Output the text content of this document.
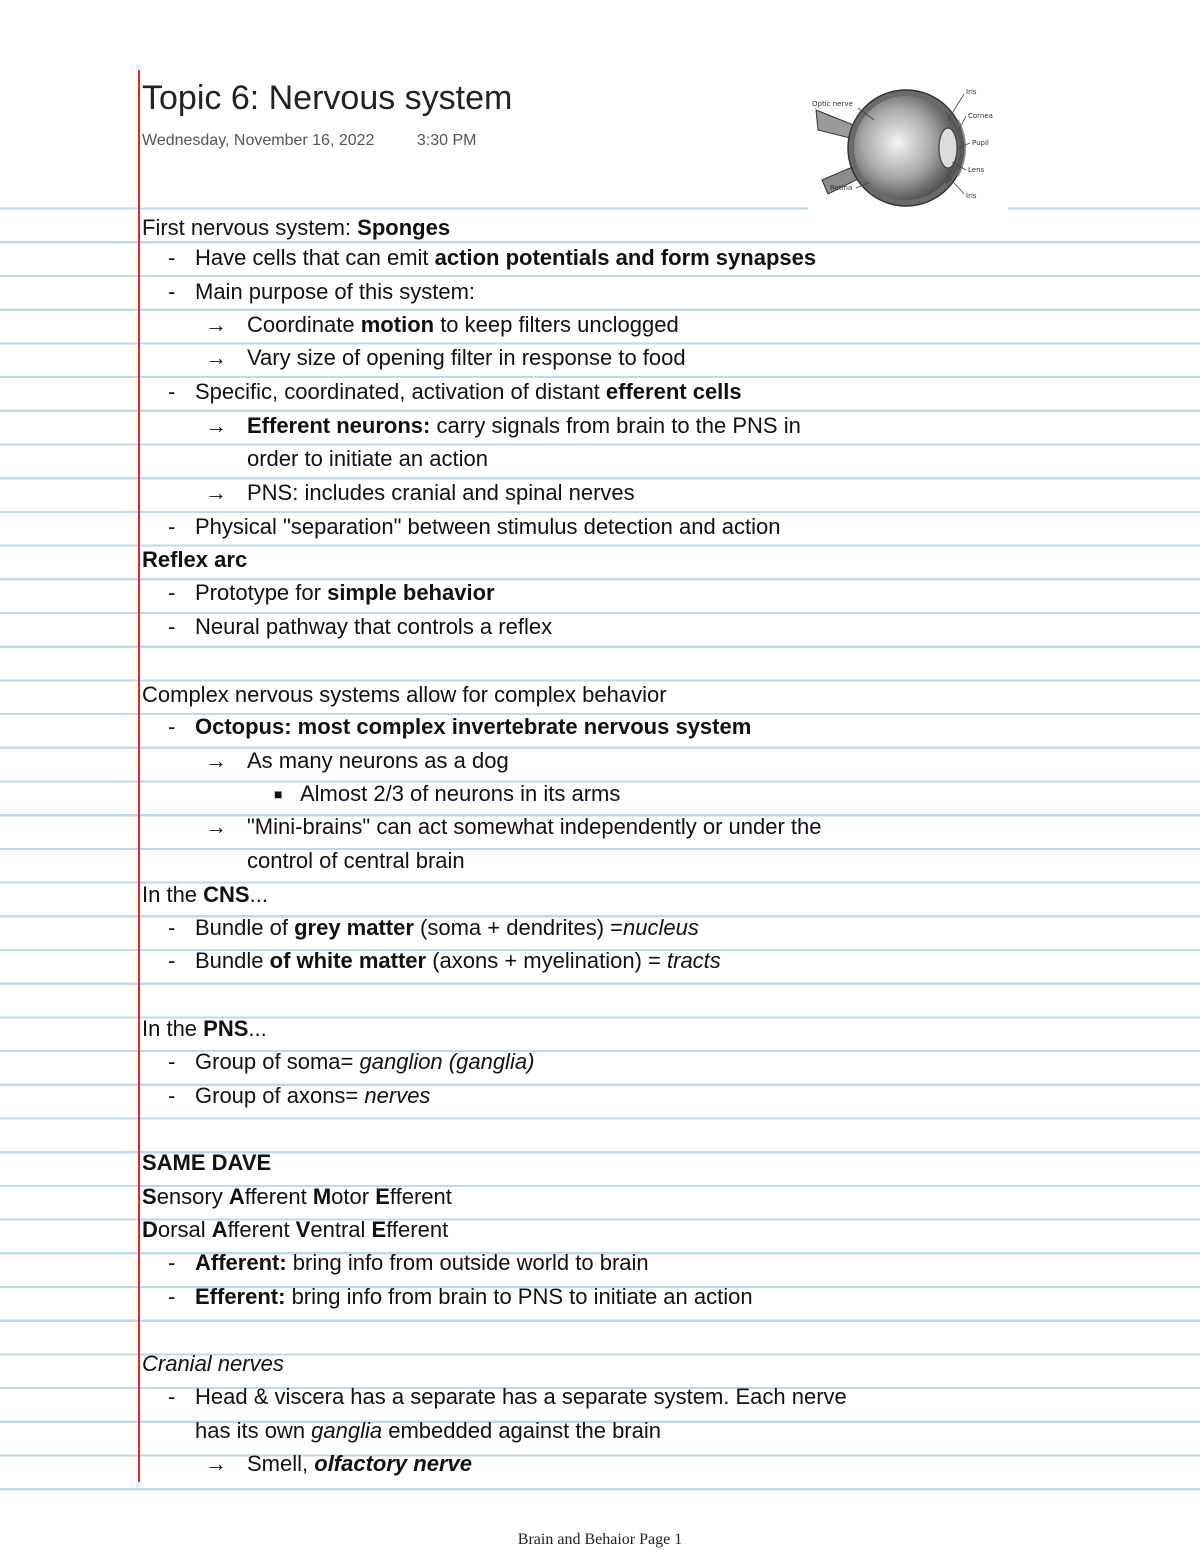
Topic 6: Nervous system
Wednesday, November 16, 2022	3:30 PM
Optic nerve
Iris
Cornea
Pupil
Lens
Iris
Retina
First nervous system: Sponges
- Have cells that can emit action potentials and form synapses
- Main purpose of this system:
→ Coordinate motion to keep filters unclogged
→ Vary size of opening filter in response to food
- Specific, coordinated, activation of distant efferent cells
→ Efferent neurons: carry signals from brain to the PNS in
order to initiate an action
→ PNS: includes cranial and spinal nerves
- Physical "separation" between stimulus detection and action
Reflex arc
- Prototype for simple behavior
- Neural pathway that controls a reflex
Complex nervous systems allow for complex behavior
- Octopus: most complex invertebrate nervous system
→ As many neurons as a dog
■ Almost 2/3 of neurons in its arms
→ "Mini-brains" can act somewhat independently or under the
control of central brain
In the CNS...
- Bundle of grey matter (soma + dendrites) =nucleus
- Bundle of white matter (axons + myelination) = tracts
In the PNS...
- Group of soma= ganglion (ganglia)
- Group of axons= nerves
SAME DAVE
Sensory Afferent Motor Efferent
Dorsal Afferent Ventral Efferent
- Afferent: bring info from outside world to brain
- Efferent: bring info from brain to PNS to initiate an action
Cranial nerves
- Head & viscera has a separate has a separate system. Each nerve
has its own ganglia embedded against the brain
→ Smell, olfactory nerve
Brain and Behaior Page 1
